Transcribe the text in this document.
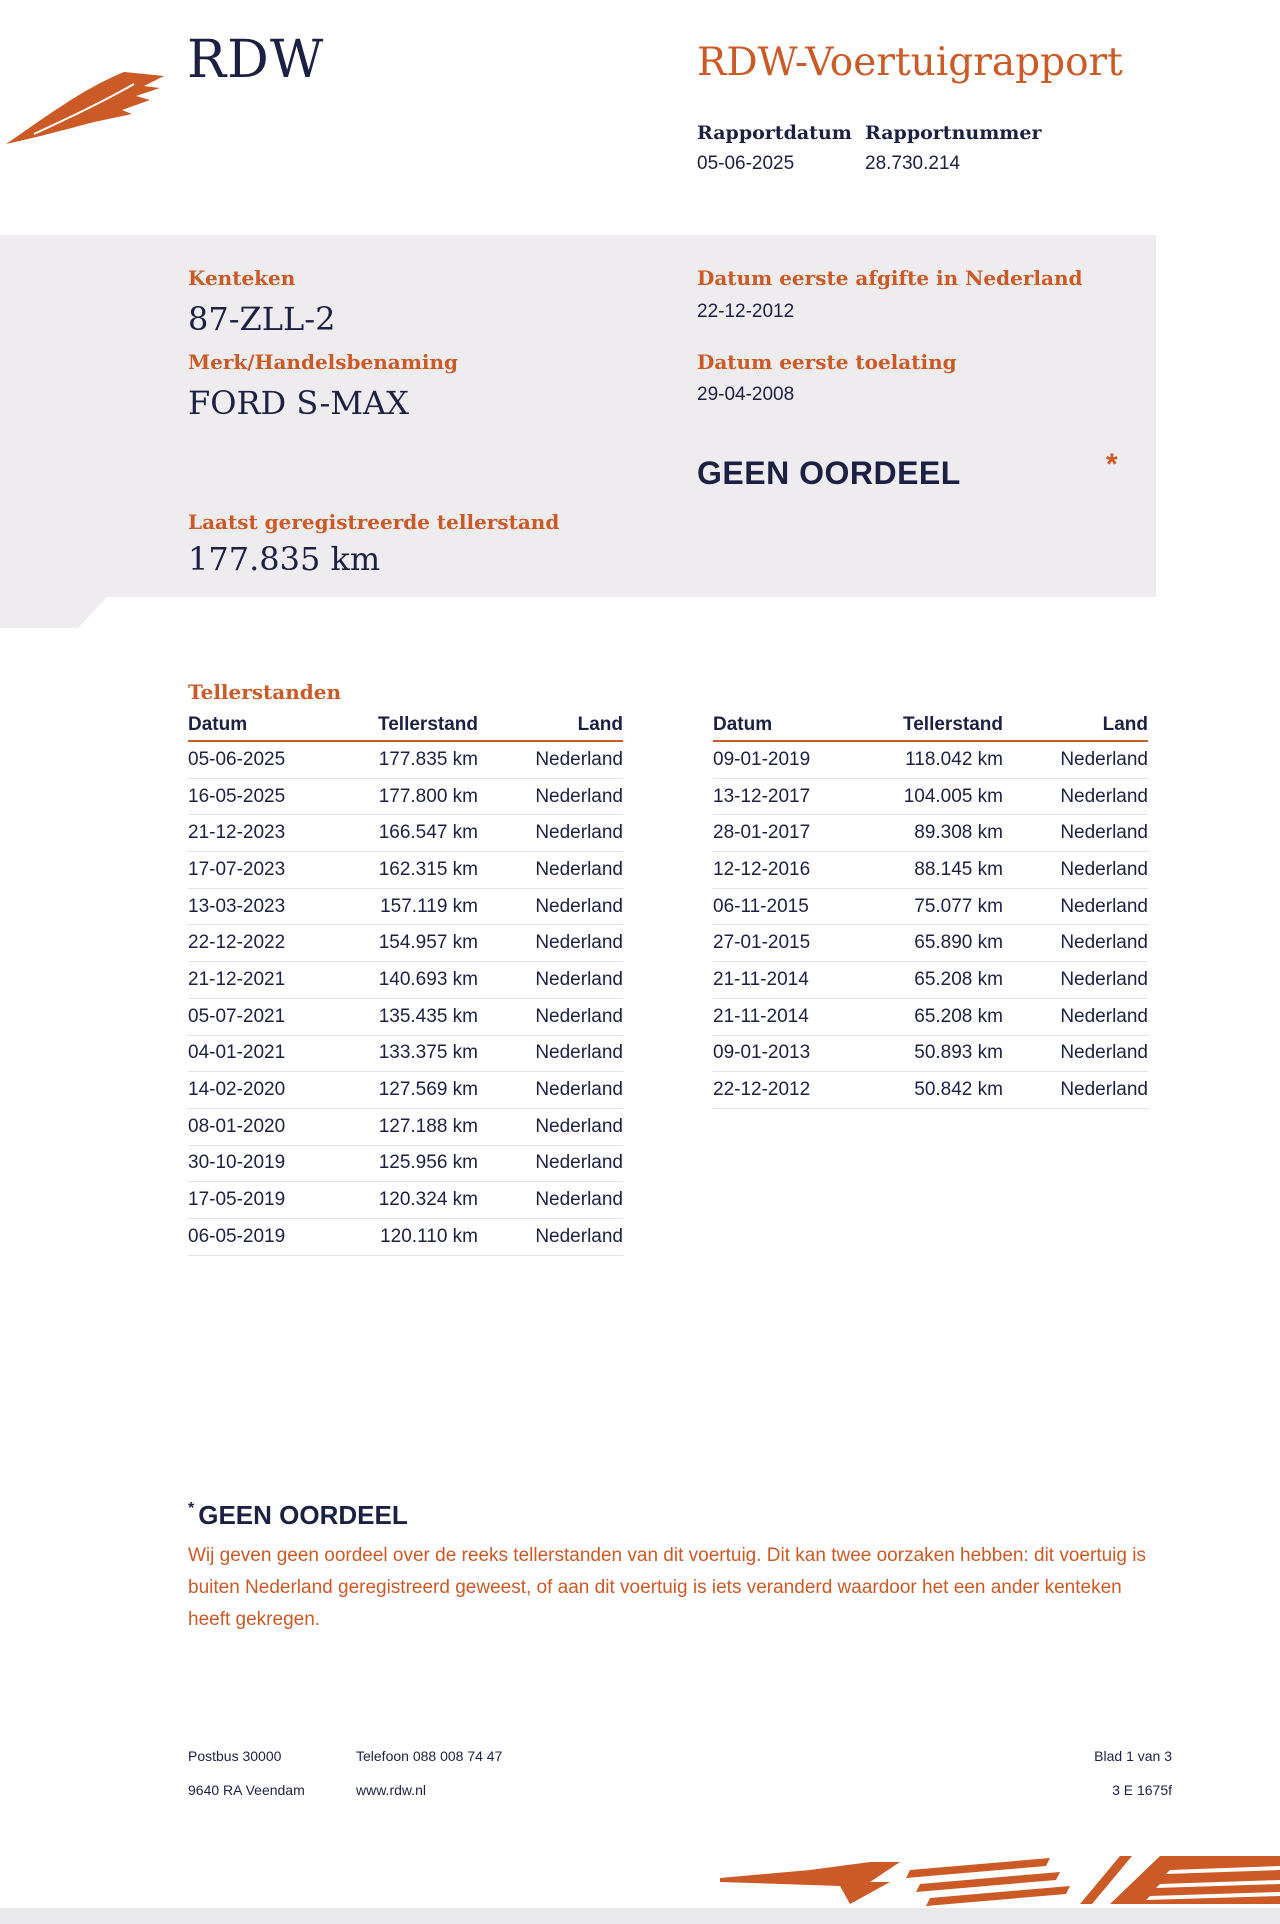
RDW	RDW-Voertuigrapport
Rapportdatum
05-06-2025
Rapportnummer
28.730.214
Kenteken
87-ZLL-2
Merk/Handelsbenaming
FORD S-MAX
Datum eerste afgifte in Nederland
22-12-2012
Datum eerste toelating
29-04-2008
GEEN OORDEEL	*
Laatst geregistreerde tellerstand
177.835 km
Tellerstanden
Datum	Tellerstand	Land
05-06-2025	177.835 km	Nederland
16-05-2025	177.800 km	Nederland
21-12-2023	166.547 km	Nederland
17-07-2023	162.315 km	Nederland
13-03-2023	157.119 km	Nederland
22-12-2022	154.957 km	Nederland
21-12-2021	140.693 km	Nederland
05-07-2021	135.435 km	Nederland
04-01-2021	133.375 km	Nederland
14-02-2020	127.569 km	Nederland
08-01-2020	127.188 km	Nederland
30-10-2019	125.956 km	Nederland
17-05-2019	120.324 km	Nederland
06-05-2019	120.110 km	Nederland
Datum	Tellerstand	Land
09-01-2019	118.042 km	Nederland
13-12-2017	104.005 km	Nederland
28-01-2017	89.308 km	Nederland
12-12-2016	88.145 km	Nederland
06-11-2015	75.077 km	Nederland
27-01-2015	65.890 km	Nederland
21-11-2014	65.208 km	Nederland
21-11-2014	65.208 km	Nederland
09-01-2013	50.893 km	Nederland
22-12-2012	50.842 km	Nederland
* GEEN OORDEEL
Wij geven geen oordeel over de reeks tellerstanden van dit voertuig. Dit kan twee oorzaken hebben: dit voertuig is buiten Nederland geregistreerd geweest, of aan dit voertuig is iets veranderd waardoor het een ander kenteken heeft gekregen.
Postbus 30000
9640 RA Veendam
Telefoon 088 008 74 47
www.rdw.nl
Blad 1 van 3
3 E 1675f
